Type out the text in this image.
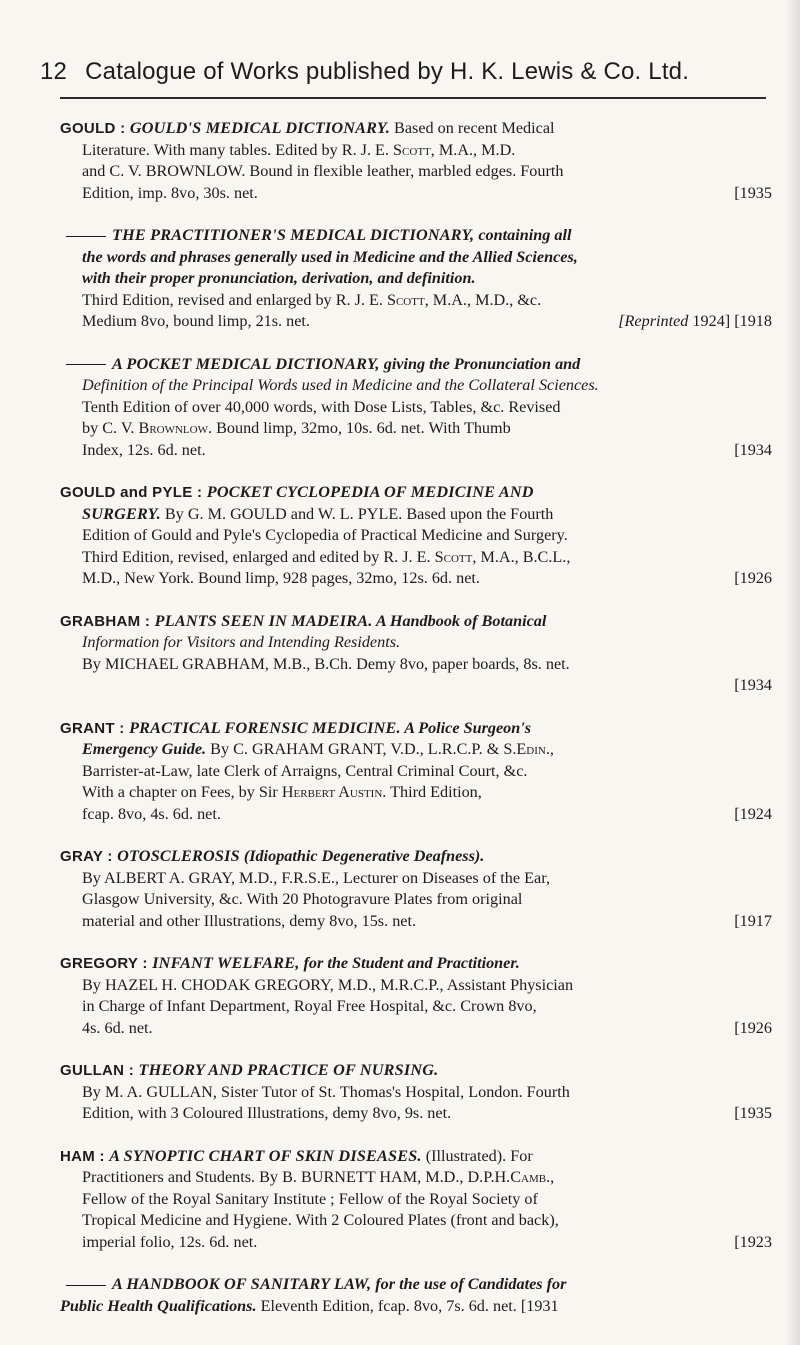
12 Catalogue of Works published by H. K. Lewis & Co. Ltd.
GOULD : GOULD'S MEDICAL DICTIONARY. Based on recent Medical
Literature. With many tables. Edited by R. J. E. Scott, M.A., M.D.
and C. V. BROWNLOW. Bound in flexible leather, marbled edges. Fourth
Edition, imp. 8vo, 30s. net.	[1935
THE PRACTITIONER'S MEDICAL DICTIONARY, containing all
the words and phrases generally used in Medicine and the Allied Sciences,
with their proper pronunciation, derivation, and definition.
Third Edition, revised and enlarged by R. J. E. Scott, M.A., M.D., &c.
Medium 8vo, bound limp, 21s. net.	[Reprinted 1924] [1918
A POCKET MEDICAL DICTIONARY, giving the Pronunciation and
Definition of the Principal Words used in Medicine and the Collateral Sciences.
Tenth Edition of over 40,000 words, with Dose Lists, Tables, &c. Revised
by C. V. Brownlow. Bound limp, 32mo, 10s. 6d. net. With Thumb
Index, 12s. 6d. net.	[1934
GOULD and PYLE : POCKET CYCLOPEDIA OF MEDICINE AND
SURGERY. By G. M. GOULD and W. L. PYLE. Based upon the Fourth
Edition of Gould and Pyle's Cyclopedia of Practical Medicine and Surgery.
Third Edition, revised, enlarged and edited by R. J. E. Scott, M.A., B.C.L.,
M.D., New York. Bound limp, 928 pages, 32mo, 12s. 6d. net.	[1926
GRABHAM : PLANTS SEEN IN MADEIRA. A Handbook of Botanical
Information for Visitors and Intending Residents.
By MICHAEL GRABHAM, M.B., B.Ch. Demy 8vo, paper boards, 8s. net.
[1934
GRANT : PRACTICAL FORENSIC MEDICINE. A Police Surgeon's
Emergency Guide. By C. GRAHAM GRANT, V.D., L.R.C.P. & S.Edin.,
Barrister-at-Law, late Clerk of Arraigns, Central Criminal Court, &c.
With a chapter on Fees, by Sir Herbert Austin. Third Edition,
fcap. 8vo, 4s. 6d. net.	[1924
GRAY : OTOSCLEROSIS (Idiopathic Degenerative Deafness).
By ALBERT A. GRAY, M.D., F.R.S.E., Lecturer on Diseases of the Ear,
Glasgow University, &c. With 20 Photogravure Plates from original
material and other Illustrations, demy 8vo, 15s. net.	[1917
GREGORY : INFANT WELFARE, for the Student and Practitioner.
By HAZEL H. CHODAK GREGORY, M.D., M.R.C.P., Assistant Physician
in Charge of Infant Department, Royal Free Hospital, &c. Crown 8vo,
4s. 6d. net.	[1926
GULLAN : THEORY AND PRACTICE OF NURSING.
By M. A. GULLAN, Sister Tutor of St. Thomas's Hospital, London. Fourth
Edition, with 3 Coloured Illustrations, demy 8vo, 9s. net.	[1935
HAM : A SYNOPTIC CHART OF SKIN DISEASES. (Illustrated). For
Practitioners and Students. By B. BURNETT HAM, M.D., D.P.H.Camb.,
Fellow of the Royal Sanitary Institute ; Fellow of the Royal Society of
Tropical Medicine and Hygiene. With 2 Coloured Plates (front and back),
imperial folio, 12s. 6d. net.	[1923
A HANDBOOK OF SANITARY LAW, for the use of Candidates for
Public Health Qualifications. Eleventh Edition, fcap. 8vo, 7s. 6d. net. [1931
